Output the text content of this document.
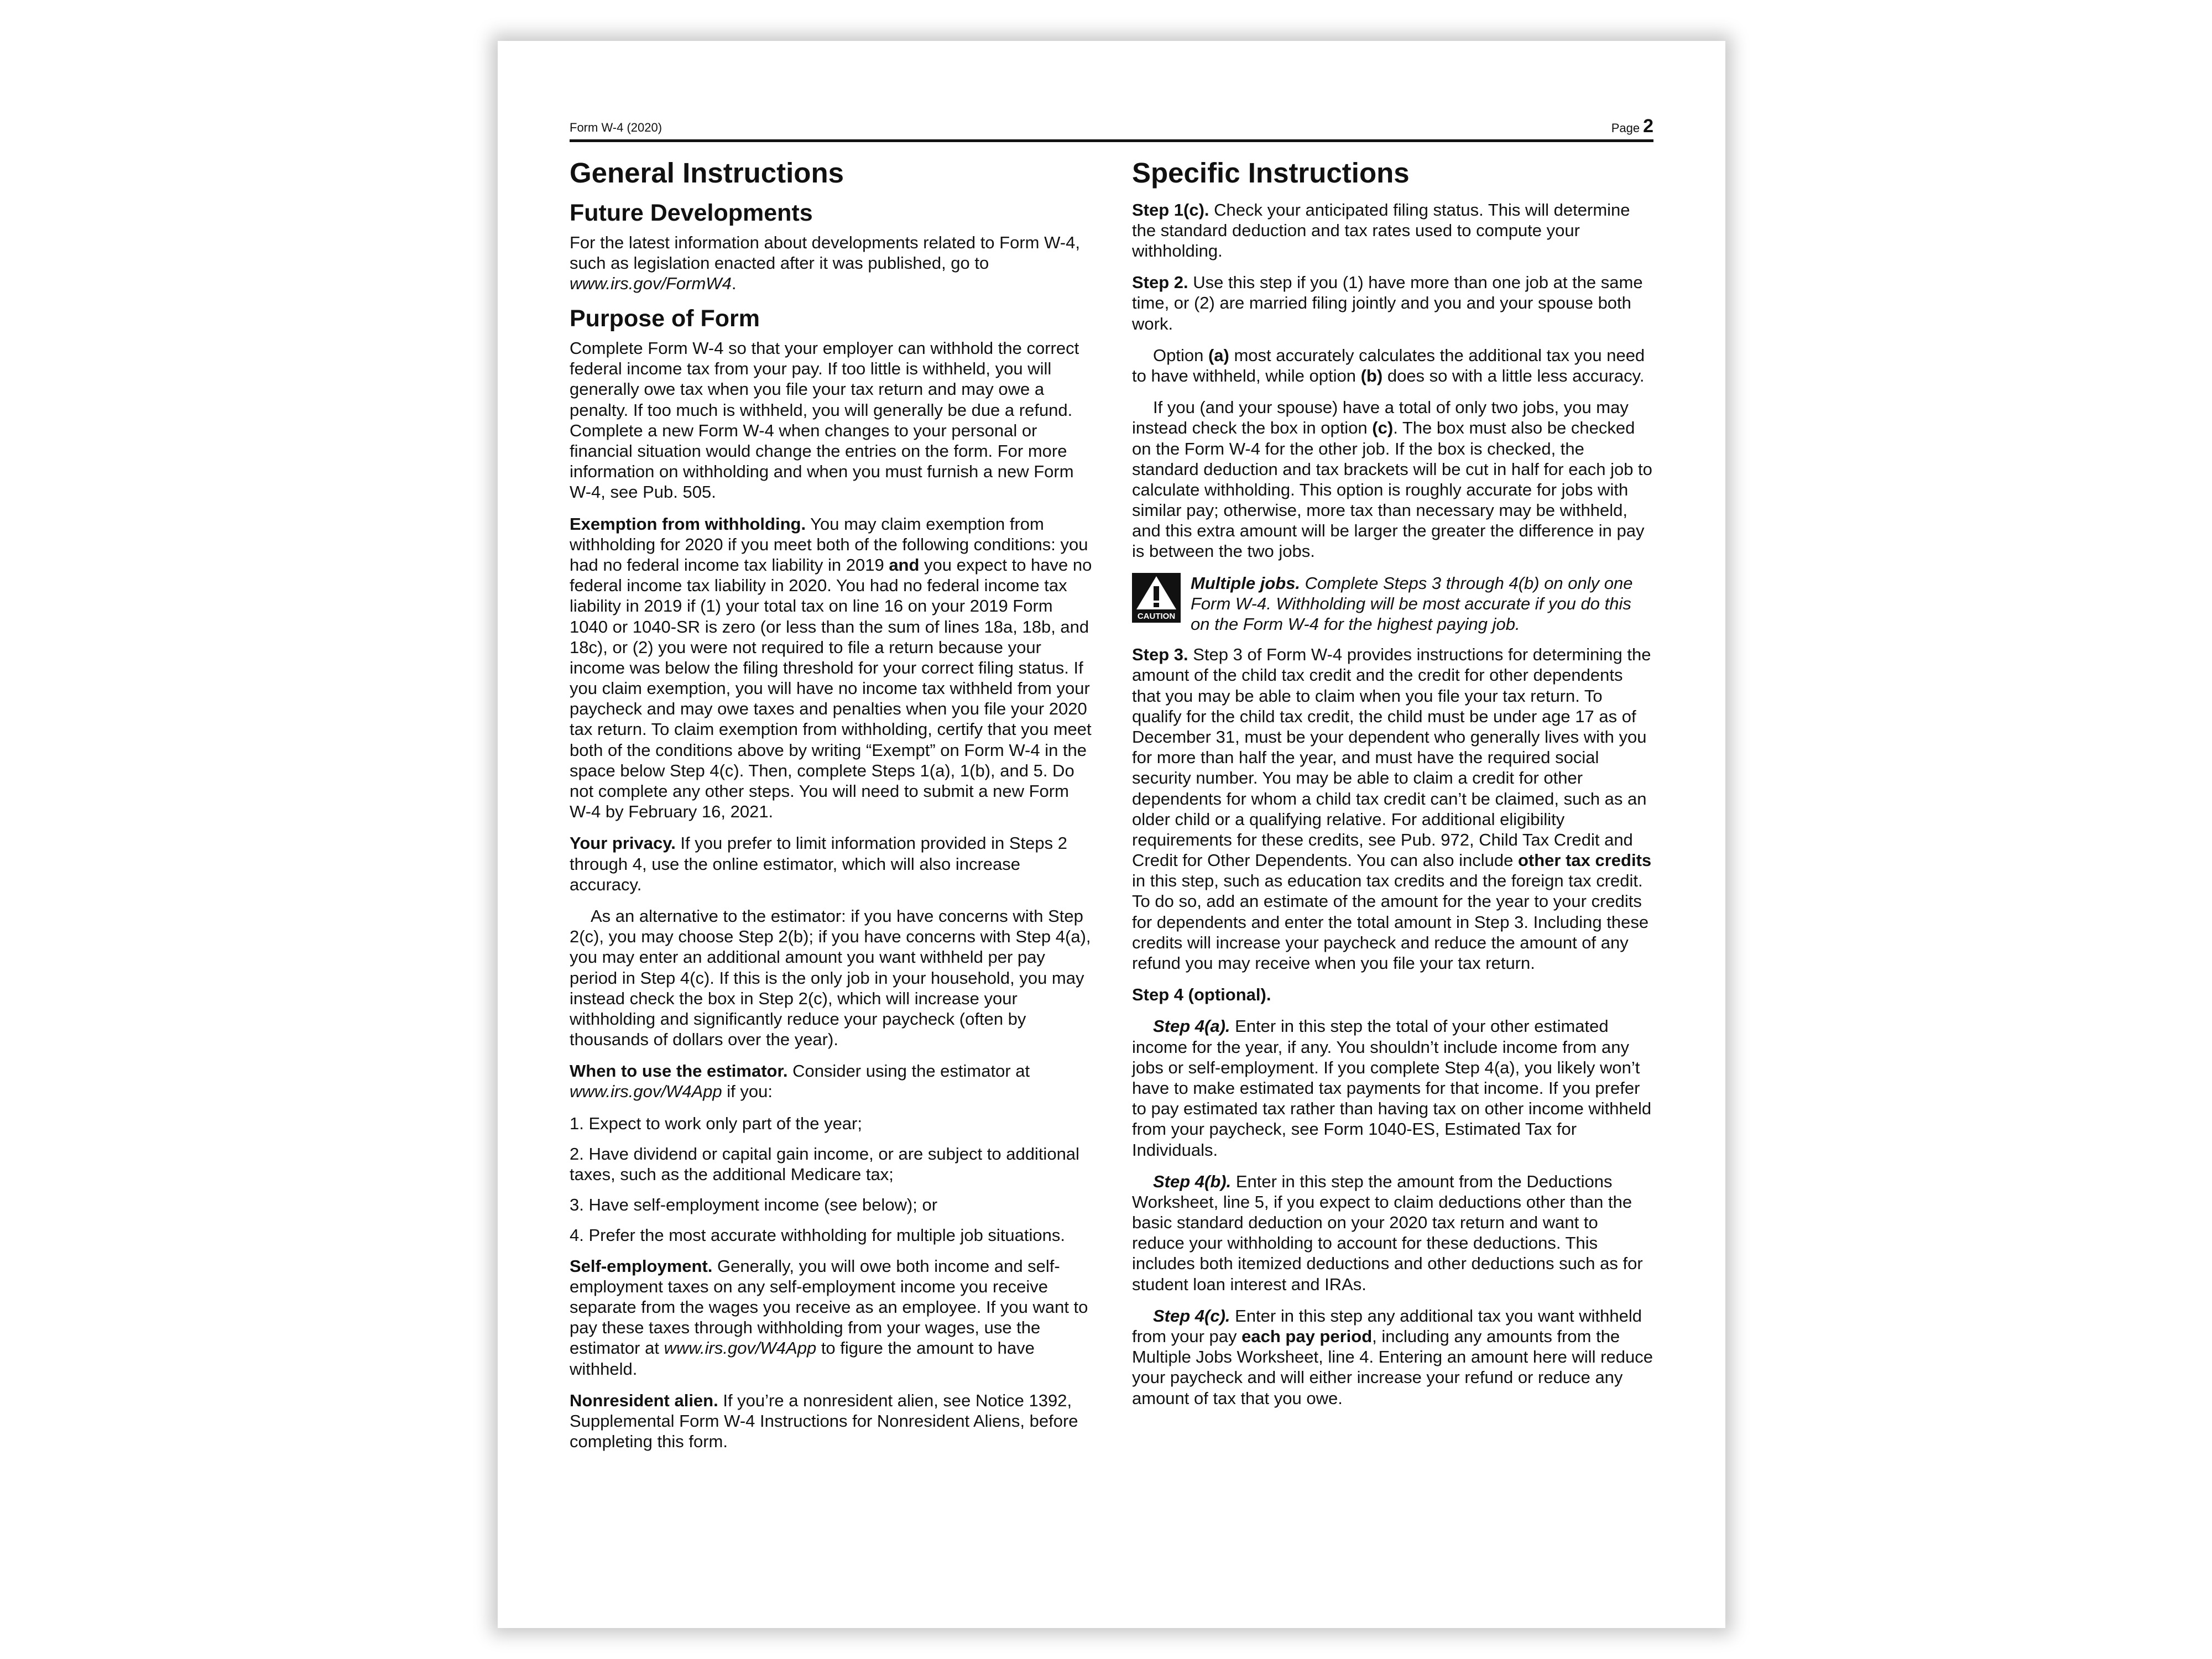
Form W-4 (2020)	Page 2
General Instructions
Future Developments

For the latest information about developments related to Form W-4, such as legislation enacted after it was published, go to www.irs.gov/FormW4.

Purpose of Form

Complete Form W-4 so that your employer can withhold the correct federal income tax from your pay. If too little is withheld, you will generally owe tax when you file your tax return and may owe a penalty. If too much is withheld, you will generally be due a refund. Complete a new Form W-4 when changes to your personal or financial situation would change the entries on the form. For more information on withholding and when you must furnish a new Form W-4, see Pub. 505.

Exemption from withholding. You may claim exemption from withholding for 2020 if you meet both of the following conditions: you had no federal income tax liability in 2019 and you expect to have no federal income tax liability in 2020. You had no federal income tax liability in 2019 if (1) your total tax on line 16 on your 2019 Form 1040 or 1040-SR is zero (or less than the sum of lines 18a, 18b, and 18c), or (2) you were not required to file a return because your income was below the filing threshold for your correct filing status. If you claim exemption, you will have no income tax withheld from your paycheck and may owe taxes and penalties when you file your 2020 tax return. To claim exemption from withholding, certify that you meet both of the conditions above by writing “Exempt” on Form W-4 in the space below Step 4(c). Then, complete Steps 1(a), 1(b), and 5. Do not complete any other steps. You will need to submit a new Form W-4 by February 16, 2021.

Your privacy. If you prefer to limit information provided in Steps 2 through 4, use the online estimator, which will also increase accuracy.

As an alternative to the estimator: if you have concerns with Step 2(c), you may choose Step 2(b); if you have concerns with Step 4(a), you may enter an additional amount you want withheld per pay period in Step 4(c). If this is the only job in your household, you may instead check the box in Step 2(c), which will increase your withholding and significantly reduce your paycheck (often by thousands of dollars over the year).

When to use the estimator. Consider using the estimator at www.irs.gov/W4App if you:

1. Expect to work only part of the year;
2. Have dividend or capital gain income, or are subject to additional taxes, such as the additional Medicare tax;
3. Have self-employment income (see below); or
4. Prefer the most accurate withholding for multiple job situations.

Self-employment. Generally, you will owe both income and self-employment taxes on any self-employment income you receive separate from the wages you receive as an employee. If you want to pay these taxes through withholding from your wages, use the estimator at www.irs.gov/W4App to figure the amount to have withheld.

Nonresident alien. If you’re a nonresident alien, see Notice 1392, Supplemental Form W-4 Instructions for Nonresident Aliens, before completing this form.

Specific Instructions

Step 1(c). Check your anticipated filing status. This will determine the standard deduction and tax rates used to compute your withholding.

Step 2. Use this step if you (1) have more than one job at the same time, or (2) are married filing jointly and you and your spouse both work.

Option (a) most accurately calculates the additional tax you need to have withheld, while option (b) does so with a little less accuracy.

If you (and your spouse) have a total of only two jobs, you may instead check the box in option (c). The box must also be checked on the Form W-4 for the other job. If the box is checked, the standard deduction and tax brackets will be cut in half for each job to calculate withholding. This option is roughly accurate for jobs with similar pay; otherwise, more tax than necessary may be withheld, and this extra amount will be larger the greater the difference in pay is between the two jobs.

CAUTION
Multiple jobs. Complete Steps 3 through 4(b) on only one Form W-4. Withholding will be most accurate if you do this on the Form W-4 for the highest paying job.

Step 3. Step 3 of Form W-4 provides instructions for determining the amount of the child tax credit and the credit for other dependents that you may be able to claim when you file your tax return. To qualify for the child tax credit, the child must be under age 17 as of December 31, must be your dependent who generally lives with you for more than half the year, and must have the required social security number. You may be able to claim a credit for other dependents for whom a child tax credit can’t be claimed, such as an older child or a qualifying relative. For additional eligibility requirements for these credits, see Pub. 972, Child Tax Credit and Credit for Other Dependents. You can also include other tax credits in this step, such as education tax credits and the foreign tax credit. To do so, add an estimate of the amount for the year to your credits for dependents and enter the total amount in Step 3. Including these credits will increase your paycheck and reduce the amount of any refund you may receive when you file your tax return.

Step 4 (optional).

Step 4(a). Enter in this step the total of your other estimated income for the year, if any. You shouldn’t include income from any jobs or self-employment. If you complete Step 4(a), you likely won’t have to make estimated tax payments for that income. If you prefer to pay estimated tax rather than having tax on other income withheld from your paycheck, see Form 1040-ES, Estimated Tax for Individuals.

Step 4(b). Enter in this step the amount from the Deductions Worksheet, line 5, if you expect to claim deductions other than the basic standard deduction on your 2020 tax return and want to reduce your withholding to account for these deductions. This includes both itemized deductions and other deductions such as for student loan interest and IRAs.

Step 4(c). Enter in this step any additional tax you want withheld from your pay each pay period, including any amounts from the Multiple Jobs Worksheet, line 4. Entering an amount here will reduce your paycheck and will either increase your refund or reduce any amount of tax that you owe.
